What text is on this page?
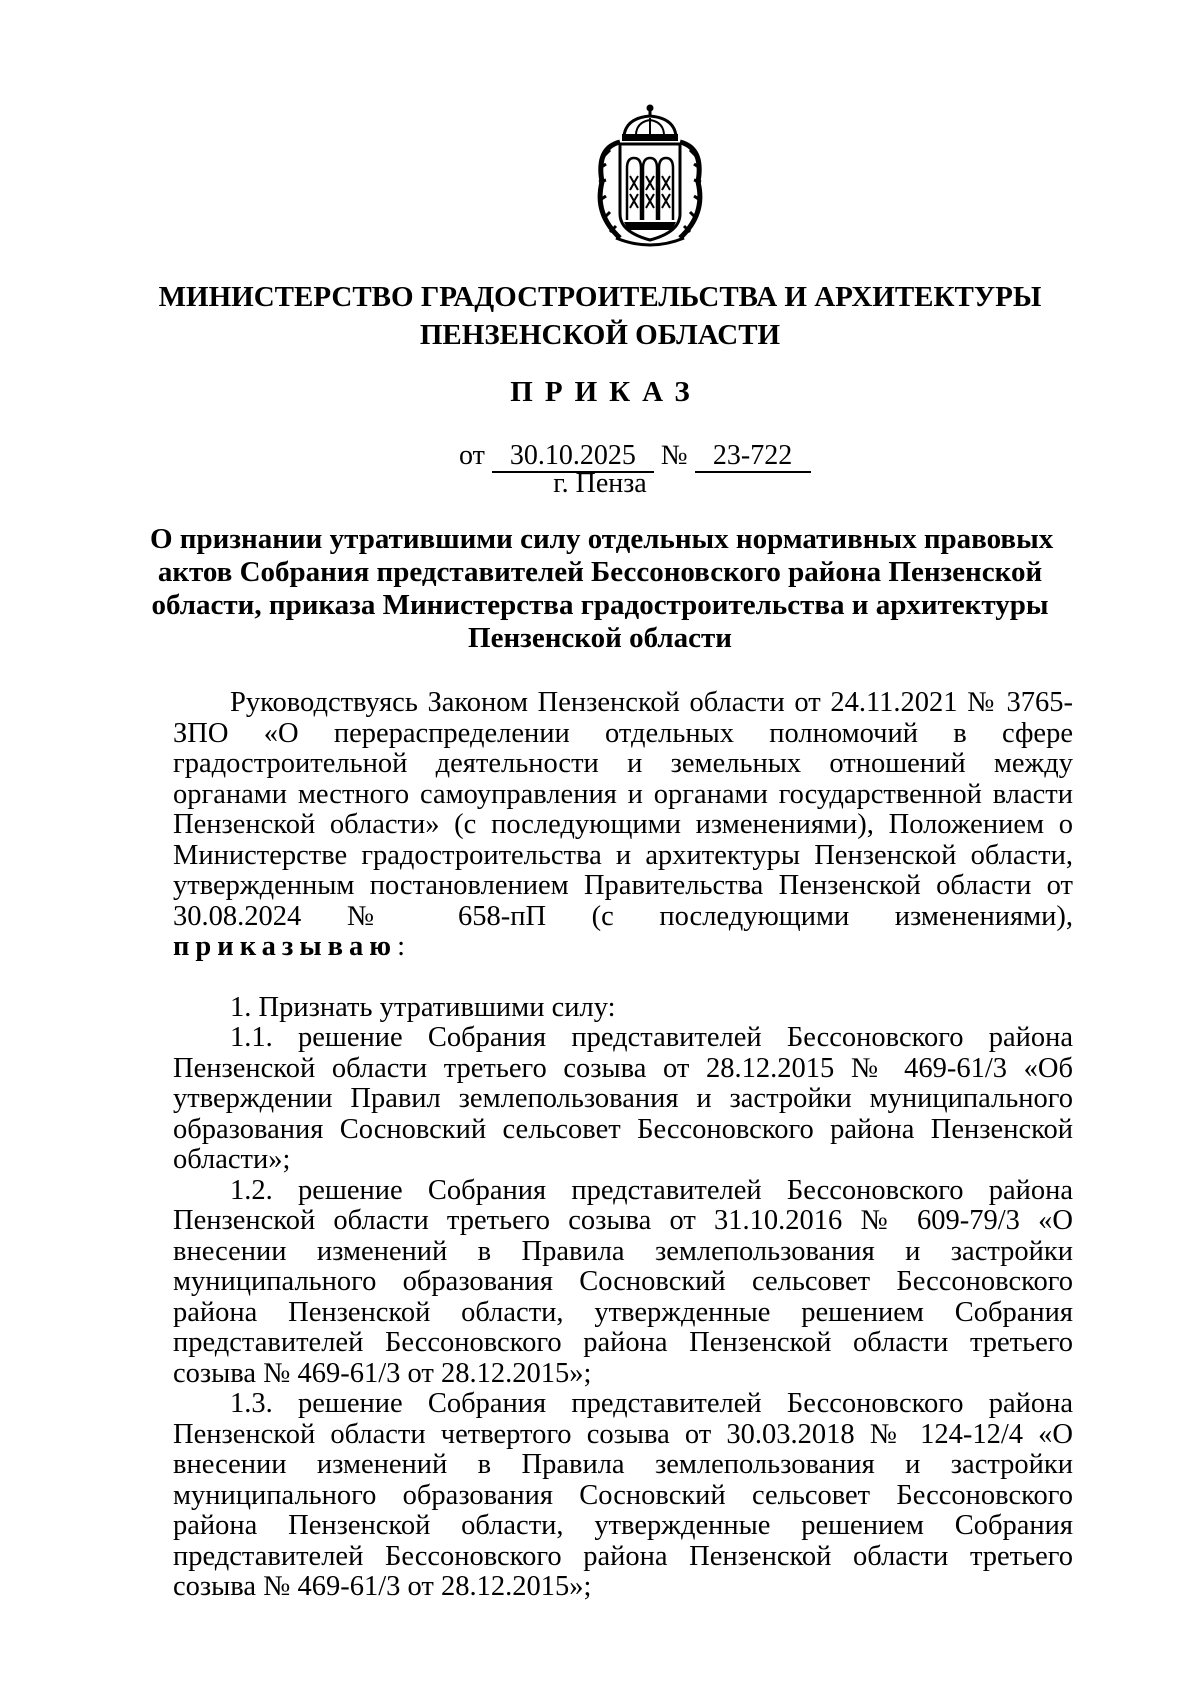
МИНИСТЕРСТВО ГРАДОСТРОИТЕЛЬСТВА И АРХИТЕКТУРЫ
ПЕНЗЕНСКОЙ ОБЛАСТИ
ПРИКАЗ
от 30.10.2025 № 23-722
г. Пенза
О признании утратившими силу отдельных нормативных правовых
актов Собрания представителей Бессоновского района Пензенской
области, приказа Министерства градостроительства и архитектуры
Пензенской области

Руководствуясь Законом Пензенской области от 24.11.2021 № 3765-ЗПО «О перераспределении отдельных полномочий в сфере градостроительной деятельности и земельных отношений между органами местного самоуправления и органами государственной власти Пензенской области» (с последующими изменениями), Положением о Министерстве градостроительства и архитектуры Пензенской области, утвержденным постановлением Правительства Пензенской области от 30.08.2024 № 658-пП (с последующими изменениями), приказываю:

1. Признать утратившими силу:

1.1. решение Собрания представителей Бессоновского района Пензенской области третьего созыва от 28.12.2015 № 469-61/3 «Об утверждении Правил землепользования и застройки муниципального образования Сосновский сельсовет Бессоновского района Пензенской области»;

1.2. решение Собрания представителей Бессоновского района Пензенской области третьего созыва от 31.10.2016 № 609-79/3 «О внесении изменений в Правила землепользования и застройки муниципального образования Сосновский сельсовет Бессоновского района Пензенской области, утвержденные решением Собрания представителей Бессоновского района Пензенской области третьего созыва № 469-61/3 от 28.12.2015»;

1.3. решение Собрания представителей Бессоновского района Пензенской области четвертого созыва от 30.03.2018 № 124-12/4 «О внесении изменений в Правила землепользования и застройки муниципального образования Сосновский сельсовет Бессоновского района Пензенской области, утвержденные решением Собрания представителей Бессоновского района Пензенской области третьего созыва № 469-61/3 от 28.12.2015»;
